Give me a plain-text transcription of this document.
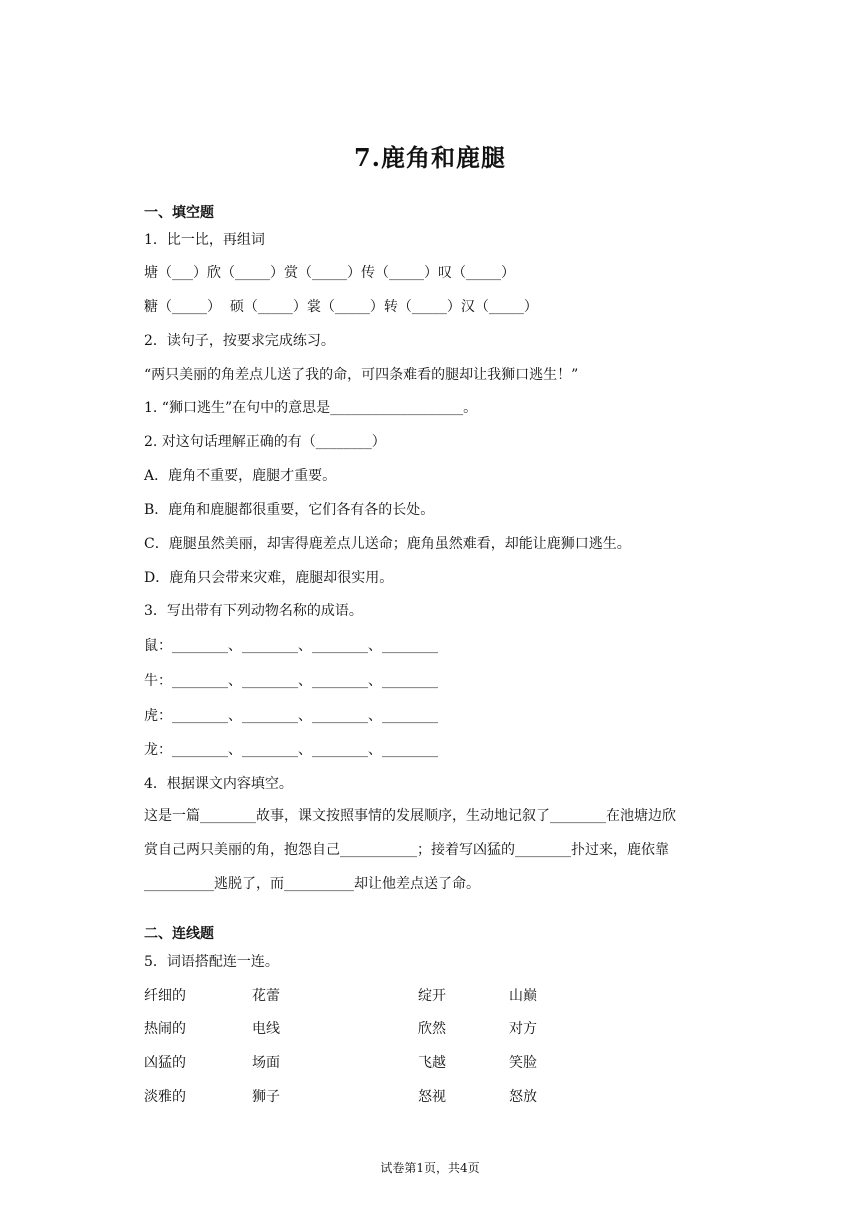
7.鹿角和鹿腿
一、填空题
1．比一比，再组词
塘（___）欣（_____）赏（_____）传（_____）叹（_____）
糖（_____）  硕（_____）裳（_____）转（_____）汉（_____）
2．读句子，按要求完成练习。
“两只美丽的角差点儿送了我的命，可四条难看的腿却让我狮口逃生！”
1. “狮口逃生”在句中的意思是___________________。
2. 对这句话理解正确的有（________）
A．鹿角不重要，鹿腿才重要。
B．鹿角和鹿腿都很重要，它们各有各的长处。
C．鹿腿虽然美丽，却害得鹿差点儿送命；鹿角虽然难看，却能让鹿狮口逃生。
D．鹿角只会带来灾难，鹿腿却很实用。
3．写出带有下列动物名称的成语。
鼠：________、________、________、________
牛：________、________、________、________
虎：________、________、________、________
龙：________、________、________、________
4．根据课文内容填空。
这是一篇________故事，课文按照事情的发展顺序，生动地记叙了________在池塘边欣
赏自己两只美丽的角，抱怨自己___________；接着写凶猛的________扑过来，鹿依靠
__________逃脱了，而__________却让他差点送了命。
二、连线题
5．词语搭配连一连。
纤细的
热闹的
凶猛的
淡雅的
花蕾
电线
场面
狮子
绽开
欣然
飞越
怒视
山巅
对方
笑脸
怒放
试卷第1页，共4页
